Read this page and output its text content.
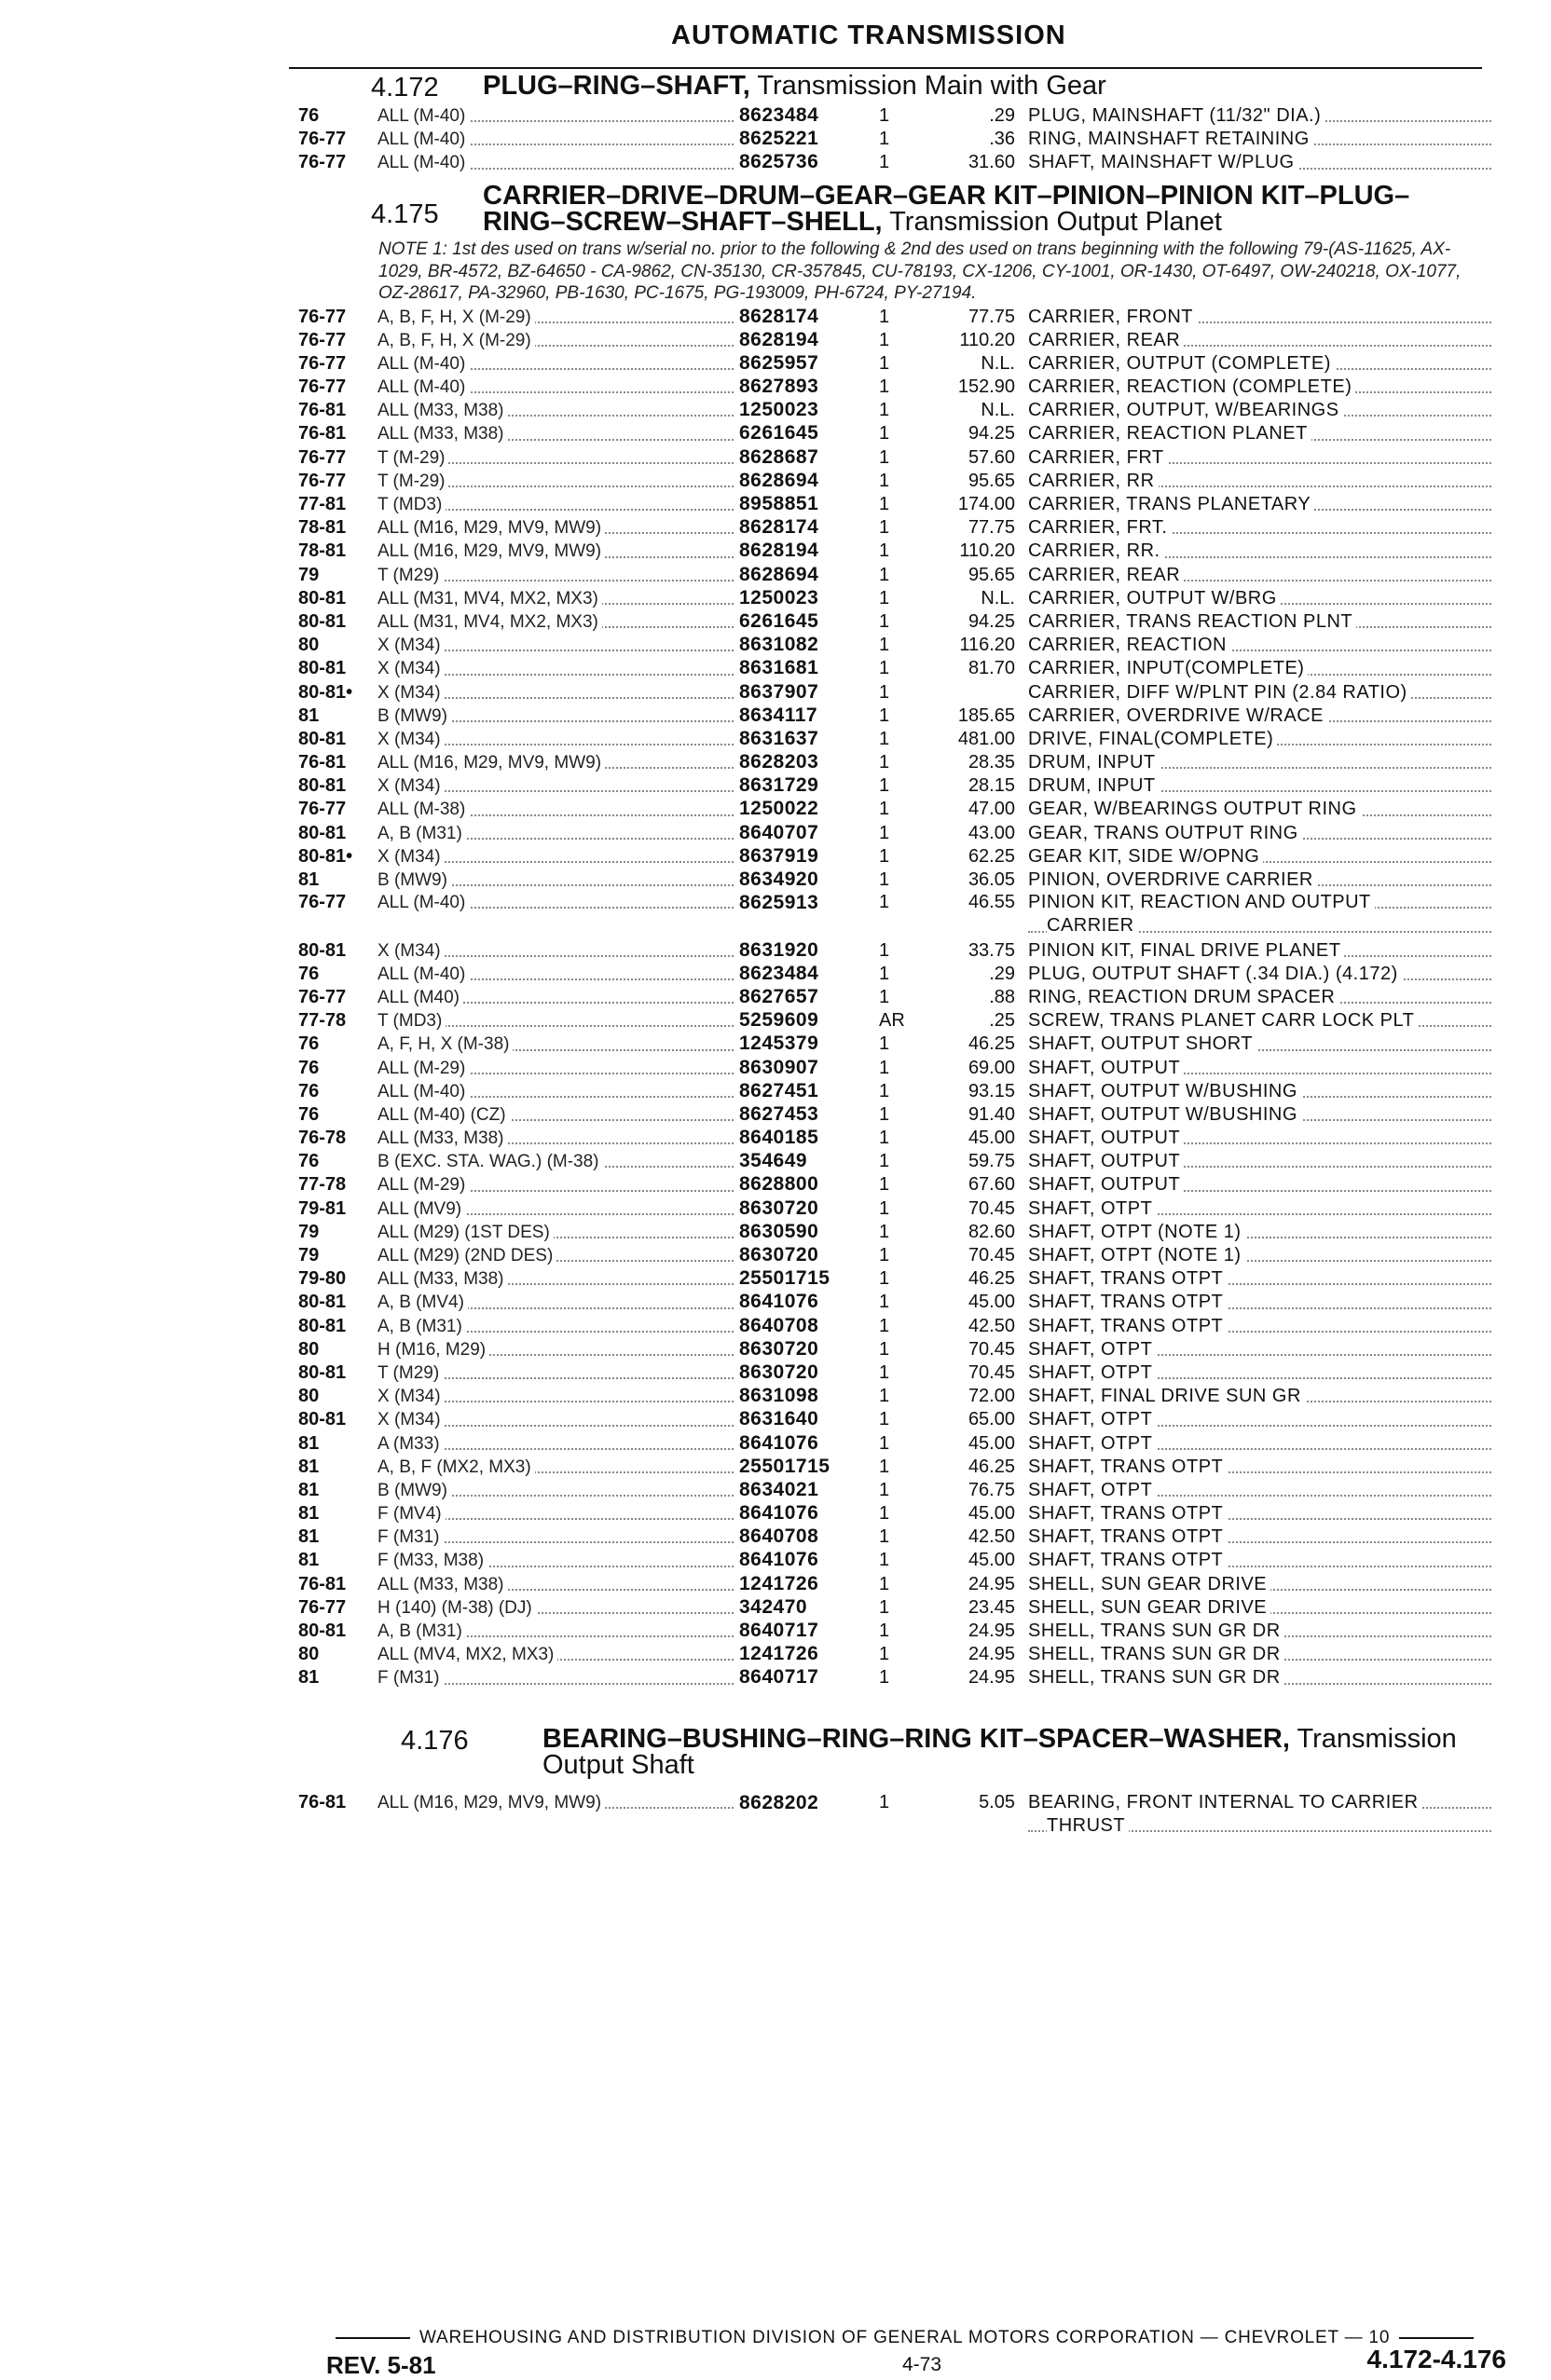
AUTOMATIC TRANSMISSION
4.172	PLUG–RING–SHAFT, Transmission Main with Gear
76	ALL (M-40)	8623484	1	.29 PLUG, MAINSHAFT (11/32" DIA.)
76-77	ALL (M-40)	8625221	1	.36 RING, MAINSHAFT RETAINING
76-77	ALL (M-40)	8625736	1	31.60 SHAFT, MAINSHAFT W/PLUG
4.175
CARRIER–DRIVE–DRUM–GEAR–GEAR KIT–PINION–PINION KIT–PLUG–
RING–SCREW–SHAFT–SHELL, Transmission Output Planet
NOTE 1: 1st des used on trans w/serial no. prior to the following & 2nd des used on trans beginning with the following 79-(AS-11625, AX-1029, BR-4572, BZ-64650 - CA-9862, CN-35130, CR-357845, CU-78193, CX-1206, CY-1001, OR-1430, OT-6497, OW-240218, OX-1077, OZ-28617, PA-32960, PB-1630, PC-1675, PG-193009, PH-6724, PY-27194.
76-77	A, B, F, H, X (M-29)	8628174	1	77.75 CARRIER, FRONT
76-77	A, B, F, H, X (M-29)	8628194	1	110.20 CARRIER, REAR
76-77	ALL (M-40)	8625957	1	N.L. CARRIER, OUTPUT (COMPLETE)
76-77	ALL (M-40)	8627893	1	152.90 CARRIER, REACTION (COMPLETE)
76-81	ALL (M33, M38)	1250023	1	N.L. CARRIER, OUTPUT, W/BEARINGS
76-81	ALL (M33, M38)	6261645	1	94.25 CARRIER, REACTION PLANET
76-77	T (M-29)	8628687	1	57.60 CARRIER, FRT
76-77	T (M-29)	8628694	1	95.65 CARRIER, RR
77-81	T (MD3)	8958851	1	174.00 CARRIER, TRANS PLANETARY
78-81	ALL (M16, M29, MV9, MW9)	8628174	1	77.75 CARRIER, FRT.
78-81	ALL (M16, M29, MV9, MW9)	8628194	1	110.20 CARRIER, RR.
79	T (M29)	8628694	1	95.65 CARRIER, REAR
80-81	ALL (M31, MV4, MX2, MX3)	1250023	1	N.L. CARRIER, OUTPUT W/BRG
80-81	ALL (M31, MV4, MX2, MX3)	6261645	1	94.25 CARRIER, TRANS REACTION PLNT
80	X (M34)	8631082	1	116.20 CARRIER, REACTION
80-81	X (M34)	8631681	1	81.70 CARRIER, INPUT(COMPLETE)
80-81•	X (M34)	8637907	1	CARRIER, DIFF W/PLNT PIN (2.84 RATIO)
81	B (MW9)	8634117	1	185.65 CARRIER, OVERDRIVE W/RACE
80-81	X (M34)	8631637	1	481.00 DRIVE, FINAL(COMPLETE)
76-81	ALL (M16, M29, MV9, MW9)	8628203	1	28.35 DRUM, INPUT
80-81	X (M34)	8631729	1	28.15 DRUM, INPUT
76-77	ALL (M-38)	1250022	1	47.00 GEAR, W/BEARINGS OUTPUT RING
80-81	A, B (M31)	8640707	1	43.00 GEAR, TRANS OUTPUT RING
80-81•	X (M34)	8637919	1	62.25 GEAR KIT, SIDE W/OPNG
81	B (MW9)	8634920	1	36.05 PINION, OVERDRIVE CARRIER
76-77	ALL (M-40)	8625913	1	46.55 PINION KIT, REACTION AND OUTPUT
CARRIER
80-81	X (M34)	8631920	1	33.75 PINION KIT, FINAL DRIVE PLANET
76	ALL (M-40)	8623484	1	.29 PLUG, OUTPUT SHAFT (.34 DIA.) (4.172)
76-77	ALL (M40)	8627657	1	.88 RING, REACTION DRUM SPACER
77-78	T (MD3)	5259609	AR	.25 SCREW, TRANS PLANET CARR LOCK PLT
76	A, F, H, X (M-38)	1245379	1	46.25 SHAFT, OUTPUT SHORT
76	ALL (M-29)	8630907	1	69.00 SHAFT, OUTPUT
76	ALL (M-40)	8627451	1	93.15 SHAFT, OUTPUT W/BUSHING
76	ALL (M-40) (CZ)	8627453	1	91.40 SHAFT, OUTPUT W/BUSHING
76-78	ALL (M33, M38)	8640185	1	45.00 SHAFT, OUTPUT
76	B (EXC. STA. WAG.) (M-38)	354649	1	59.75 SHAFT, OUTPUT
77-78	ALL (M-29)	8628800	1	67.60 SHAFT, OUTPUT
79-81	ALL (MV9)	8630720	1	70.45 SHAFT, OTPT
79	ALL (M29) (1ST DES)	8630590	1	82.60 SHAFT, OTPT (NOTE 1)
79	ALL (M29) (2ND DES)	8630720	1	70.45 SHAFT, OTPT (NOTE 1)
79-80	ALL (M33, M38)	25501715	1	46.25 SHAFT, TRANS OTPT
80-81	A, B (MV4)	8641076	1	45.00 SHAFT, TRANS OTPT
80-81	A, B (M31)	8640708	1	42.50 SHAFT, TRANS OTPT
80	H (M16, M29)	8630720	1	70.45 SHAFT, OTPT
80-81	T (M29)	8630720	1	70.45 SHAFT, OTPT
80	X (M34)	8631098	1	72.00 SHAFT, FINAL DRIVE SUN GR
80-81	X (M34)	8631640	1	65.00 SHAFT, OTPT
81	A (M33)	8641076	1	45.00 SHAFT, OTPT
81	A, B, F (MX2, MX3)	25501715	1	46.25 SHAFT, TRANS OTPT
81	B (MW9)	8634021	1	76.75 SHAFT, OTPT
81	F (MV4)	8641076	1	45.00 SHAFT, TRANS OTPT
81	F (M31)	8640708	1	42.50 SHAFT, TRANS OTPT
81	F (M33, M38)	8641076	1	45.00 SHAFT, TRANS OTPT
76-81	ALL (M33, M38)	1241726	1	24.95 SHELL, SUN GEAR DRIVE
76-77	H (140) (M-38) (DJ)	342470	1	23.45 SHELL, SUN GEAR DRIVE
80-81	A, B (M31)	8640717	1	24.95 SHELL, TRANS SUN GR DR
80	ALL (MV4, MX2, MX3)	1241726	1	24.95 SHELL, TRANS SUN GR DR
81	F (M31)	8640717	1	24.95 SHELL, TRANS SUN GR DR
4.176	BEARING–BUSHING–RING–RING KIT–SPACER–WASHER, Transmission
Output Shaft
76-81	ALL (M16, M29, MV9, MW9)	8628202	1	5.05 BEARING, FRONT INTERNAL TO CARRIER
THRUST
WAREHOUSING AND DISTRIBUTION DIVISION OF GENERAL MOTORS CORPORATION — CHEVROLET — 10
REV. 5-81	4-73	4.172-4.176
